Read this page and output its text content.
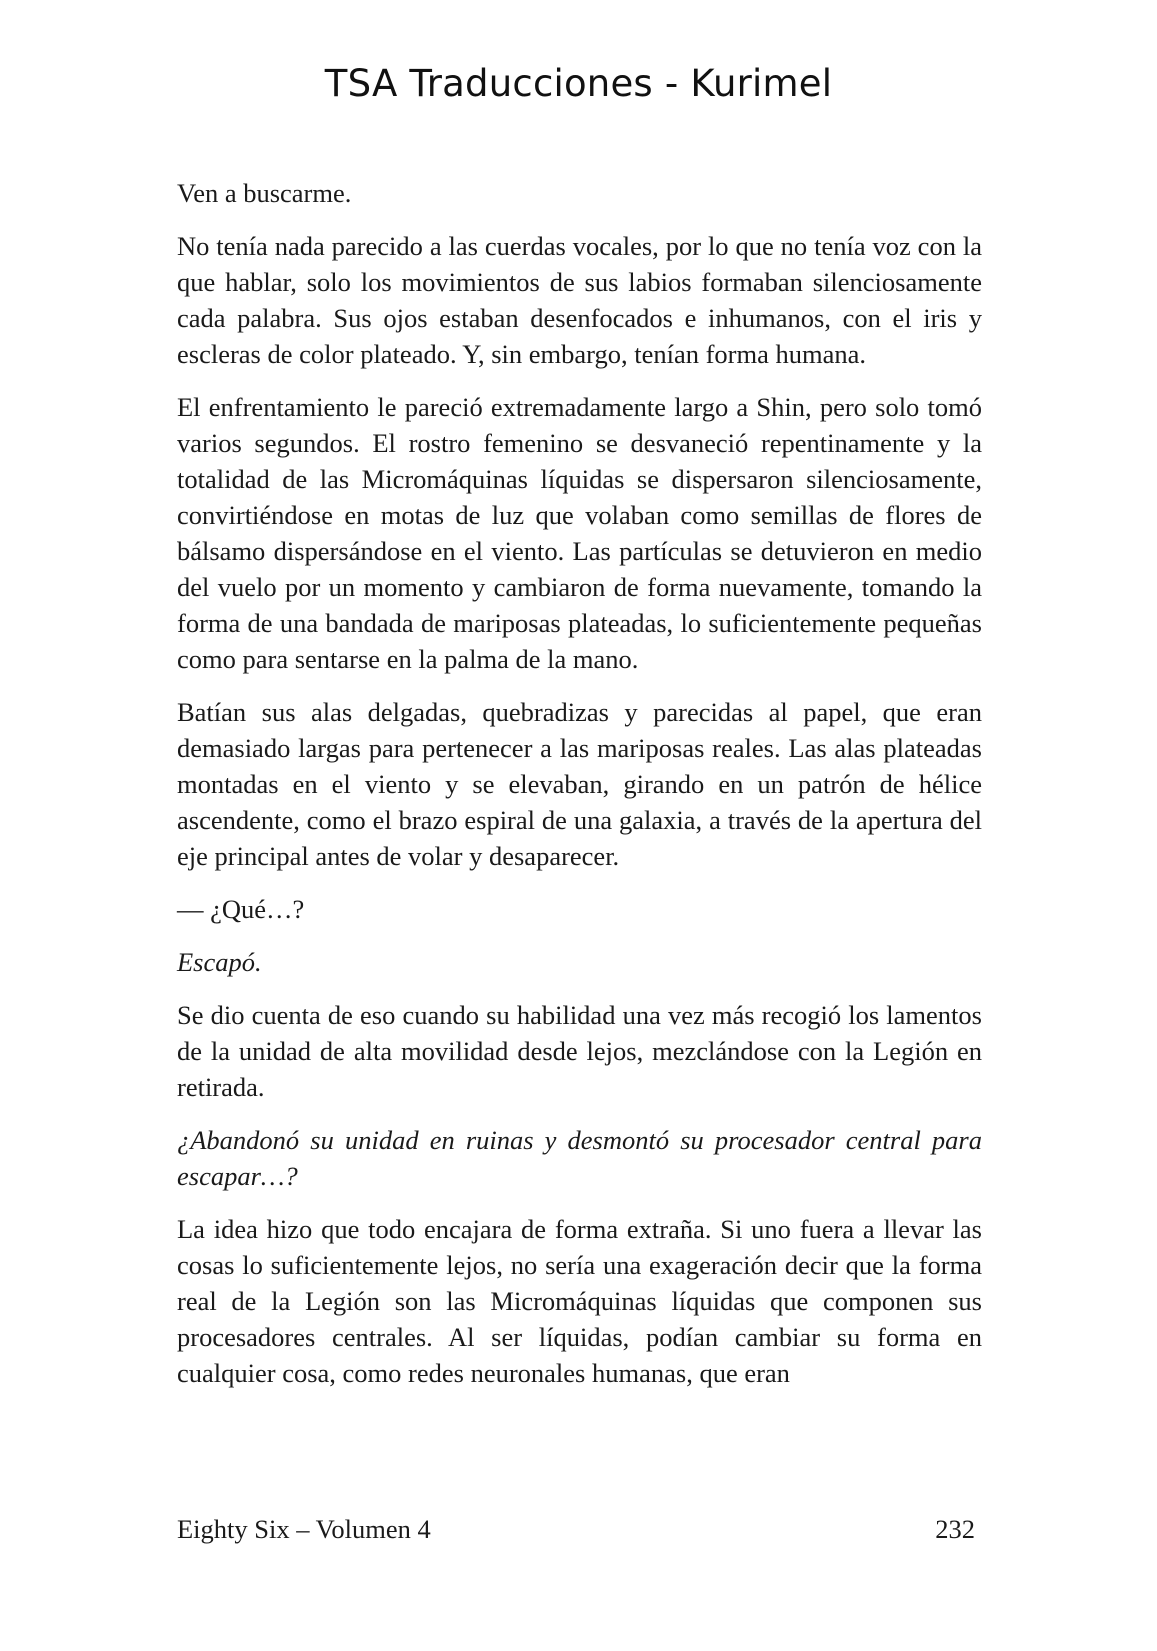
TSA Traducciones - Kurimel

Ven a buscarme.

No tenía nada parecido a las cuerdas vocales, por lo que no tenía voz con la que hablar, solo los movimientos de sus labios formaban silenciosamente cada palabra. Sus ojos estaban desenfocados e inhumanos, con el iris y escleras de color plateado. Y, sin embargo, tenían forma humana.

El enfrentamiento le pareció extremadamente largo a Shin, pero solo tomó varios segundos. El rostro femenino se desvaneció repentinamente y la totalidad de las Micromáquinas líquidas se dispersaron silenciosamente, convirtiéndose en motas de luz que volaban como semillas de flores de bálsamo dispersándose en el viento. Las partículas se detuvieron en medio del vuelo por un momento y cambiaron de forma nuevamente, tomando la forma de una bandada de mariposas plateadas, lo suficientemente pequeñas como para sentarse en la palma de la mano.

Batían sus alas delgadas, quebradizas y parecidas al papel, que eran demasiado largas para pertenecer a las mariposas reales. Las alas plateadas montadas en el viento y se elevaban, girando en un patrón de hélice ascendente, como el brazo espiral de una galaxia, a través de la apertura del eje principal antes de volar y desaparecer.

— ¿Qué…?

Escapó.

Se dio cuenta de eso cuando su habilidad una vez más recogió los lamentos de la unidad de alta movilidad desde lejos, mezclándose con la Legión en retirada.

¿Abandonó su unidad en ruinas y desmontó su procesador central para escapar…?

La idea hizo que todo encajara de forma extraña. Si uno fuera a llevar las cosas lo suficientemente lejos, no sería una exageración decir que la forma real de la Legión son las Micromáquinas líquidas que componen sus procesadores centrales. Al ser líquidas, podían cambiar su forma en cualquier cosa, como redes neuronales humanas, que eran

Eighty Six – Volumen 4	232
